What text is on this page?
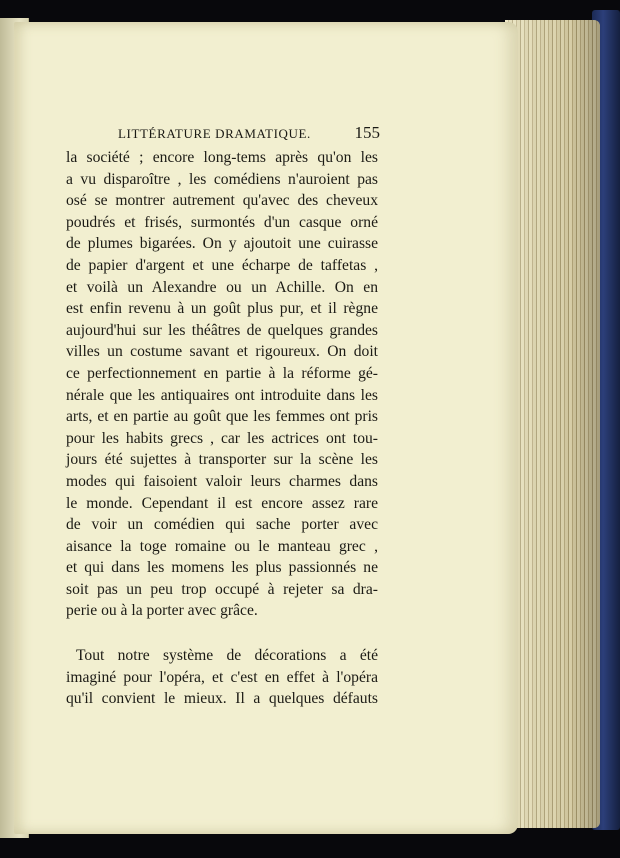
LITTÉRATURE DRAMATIQUE.	155
la société ; encore long-tems après qu'on les
a vu disparoître , les comédiens n'auroient pas
osé se montrer autrement qu'avec des cheveux
poudrés et frisés, surmontés d'un casque orné
de plumes bigarées. On y ajoutoit une cuirasse
de papier d'argent et une écharpe de taffetas ,
et voilà un Alexandre ou un Achille. On en
est enfin revenu à un goût plus pur, et il règne
aujourd'hui sur les théâtres de quelques grandes
villes un costume savant et rigoureux. On doit
ce perfectionnement en partie à la réforme gé-
nérale que les antiquaires ont introduite dans les
arts, et en partie au goût que les femmes ont pris
pour les habits grecs , car les actrices ont tou-
jours été sujettes à transporter sur la scène les
modes qui faisoient valoir leurs charmes dans
le monde. Cependant il est encore assez rare
de voir un comédien qui sache porter avec
aisance la toge romaine ou le manteau grec ,
et qui dans les momens les plus passionnés ne
soit pas un peu trop occupé à rejeter sa dra-
perie ou à la porter avec grâce.
Tout notre système de décorations a été
imaginé pour l'opéra, et c'est en effet à l'opéra
qu'il convient le mieux. Il a quelques défauts
